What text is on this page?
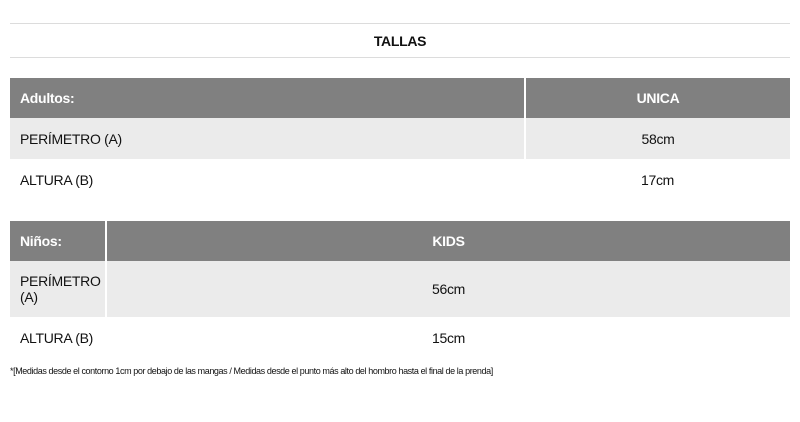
TALLAS
Adultos:	UNICA
PERÍMETRO (A)	58cm
ALTURA (B)	17cm
Niños:	KIDS
PERÍMETRO (A)	56cm
ALTURA (B)	15cm
*[Medidas desde el contorno 1cm por debajo de las mangas / Medidas desde el punto más alto del hombro hasta el final de la prenda]
